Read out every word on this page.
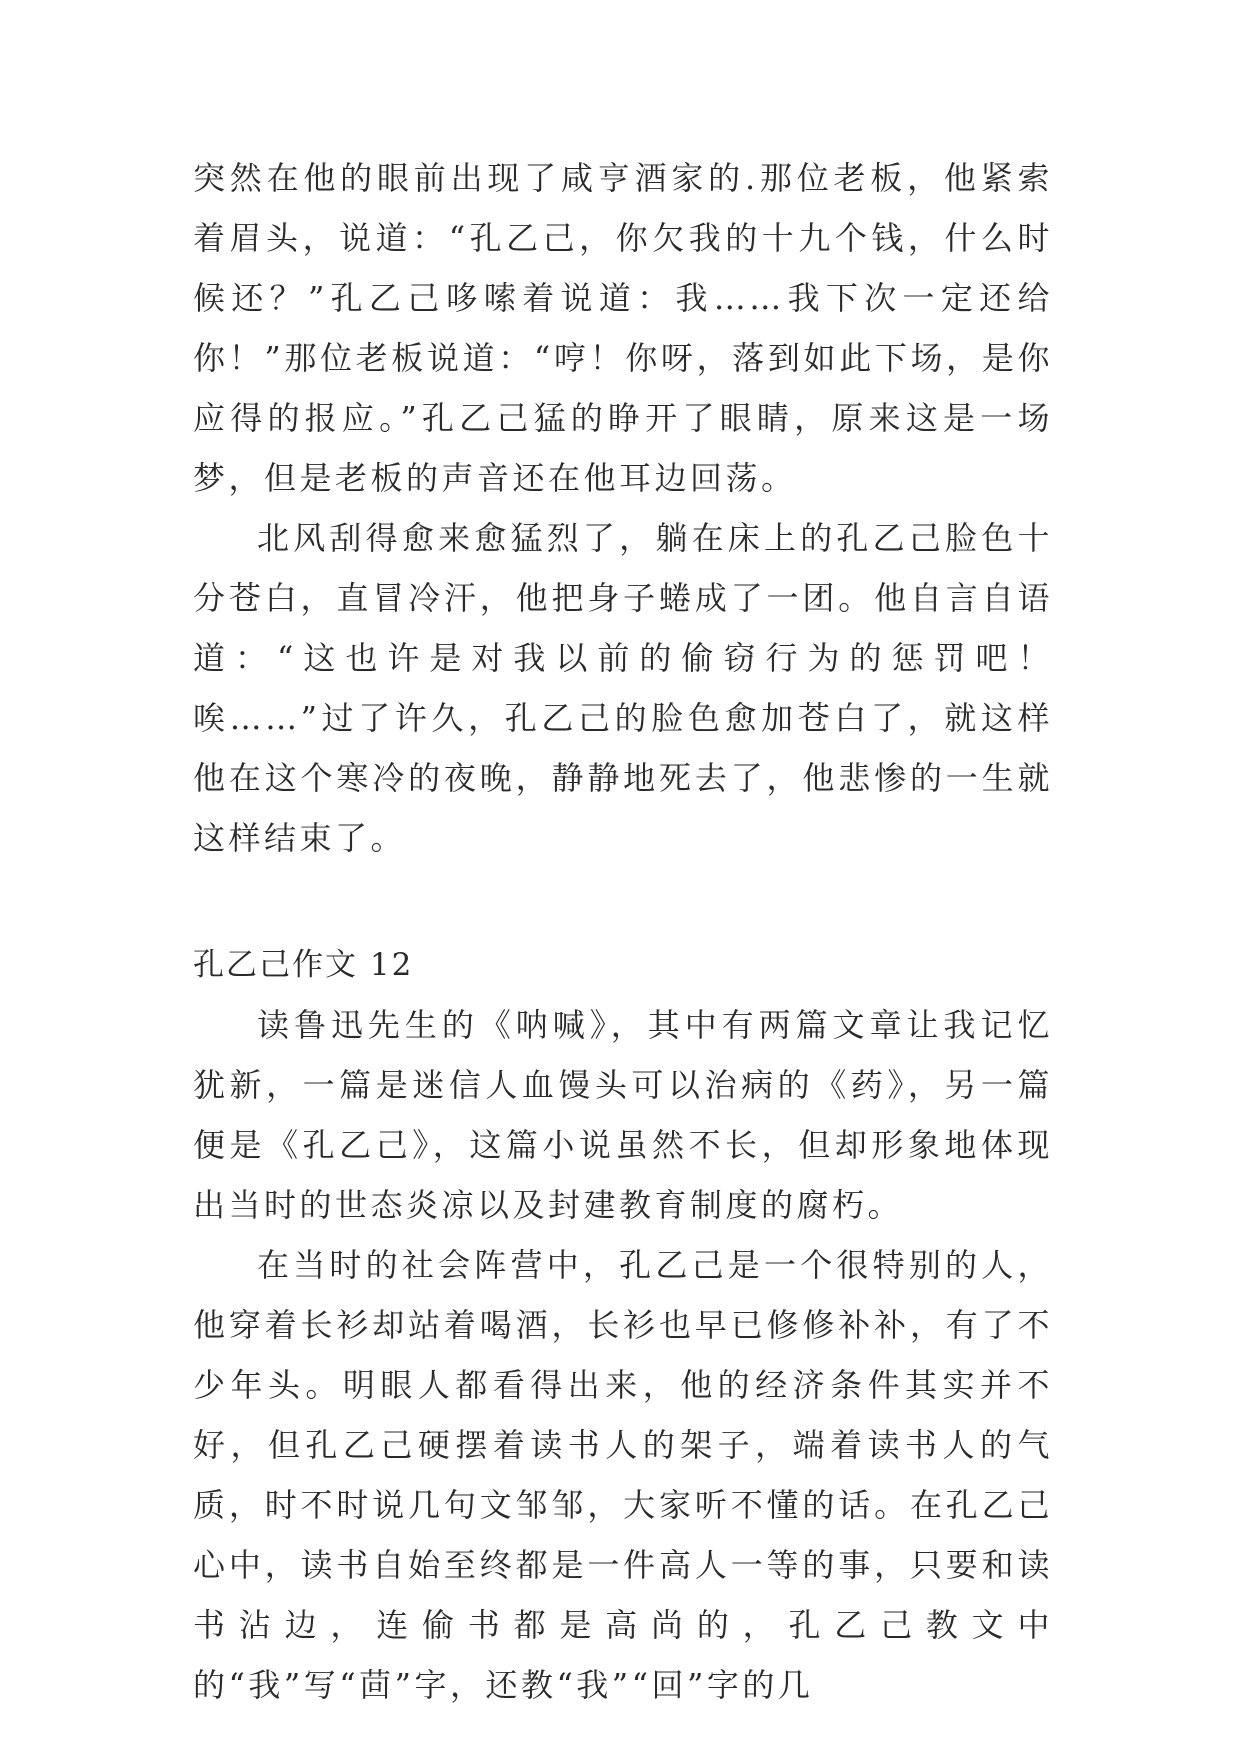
突然在他的眼前出现了咸亨酒家的.那位老板，他紧索着眉头，说道：“孔乙己，你欠我的十九个钱，什么时候还？”孔乙己哆嗦着说道：我……我下次一定还给你！”那位老板说道：“哼！你呀，落到如此下场，是你应得的报应。”孔乙己猛的睁开了眼睛，原来这是一场梦，但是老板的声音还在他耳边回荡。

北风刮得愈来愈猛烈了，躺在床上的孔乙己脸色十分苍白，直冒冷汗，他把身子蜷成了一团。他自言自语道：“这也许是对我以前的偷窃行为的惩罚吧！唉……”过了许久，孔乙己的脸色愈加苍白了，就这样他在这个寒冷的夜晚，静静地死去了，他悲惨的一生就这样结束了。

孔乙己作文 12

读鲁迅先生的《呐喊》，其中有两篇文章让我记忆犹新，一篇是迷信人血馒头可以治病的《药》，另一篇便是《孔乙己》，这篇小说虽然不长，但却形象地体现出当时的世态炎凉以及封建教育制度的腐朽。

在当时的社会阵营中，孔乙己是一个很特别的人，他穿着长衫却站着喝酒，长衫也早已修修补补，有了不少年头。明眼人都看得出来，他的经济条件其实并不好，但孔乙己硬摆着读书人的架子，端着读书人的气质，时不时说几句文邹邹，大家听不懂的话。在孔乙己心中，读书自始至终都是一件高人一等的事，只要和读书沾边，连偷书都是高尚的，孔乙己教文中的“我”写“茴”字，还教“我”“回”字的几
